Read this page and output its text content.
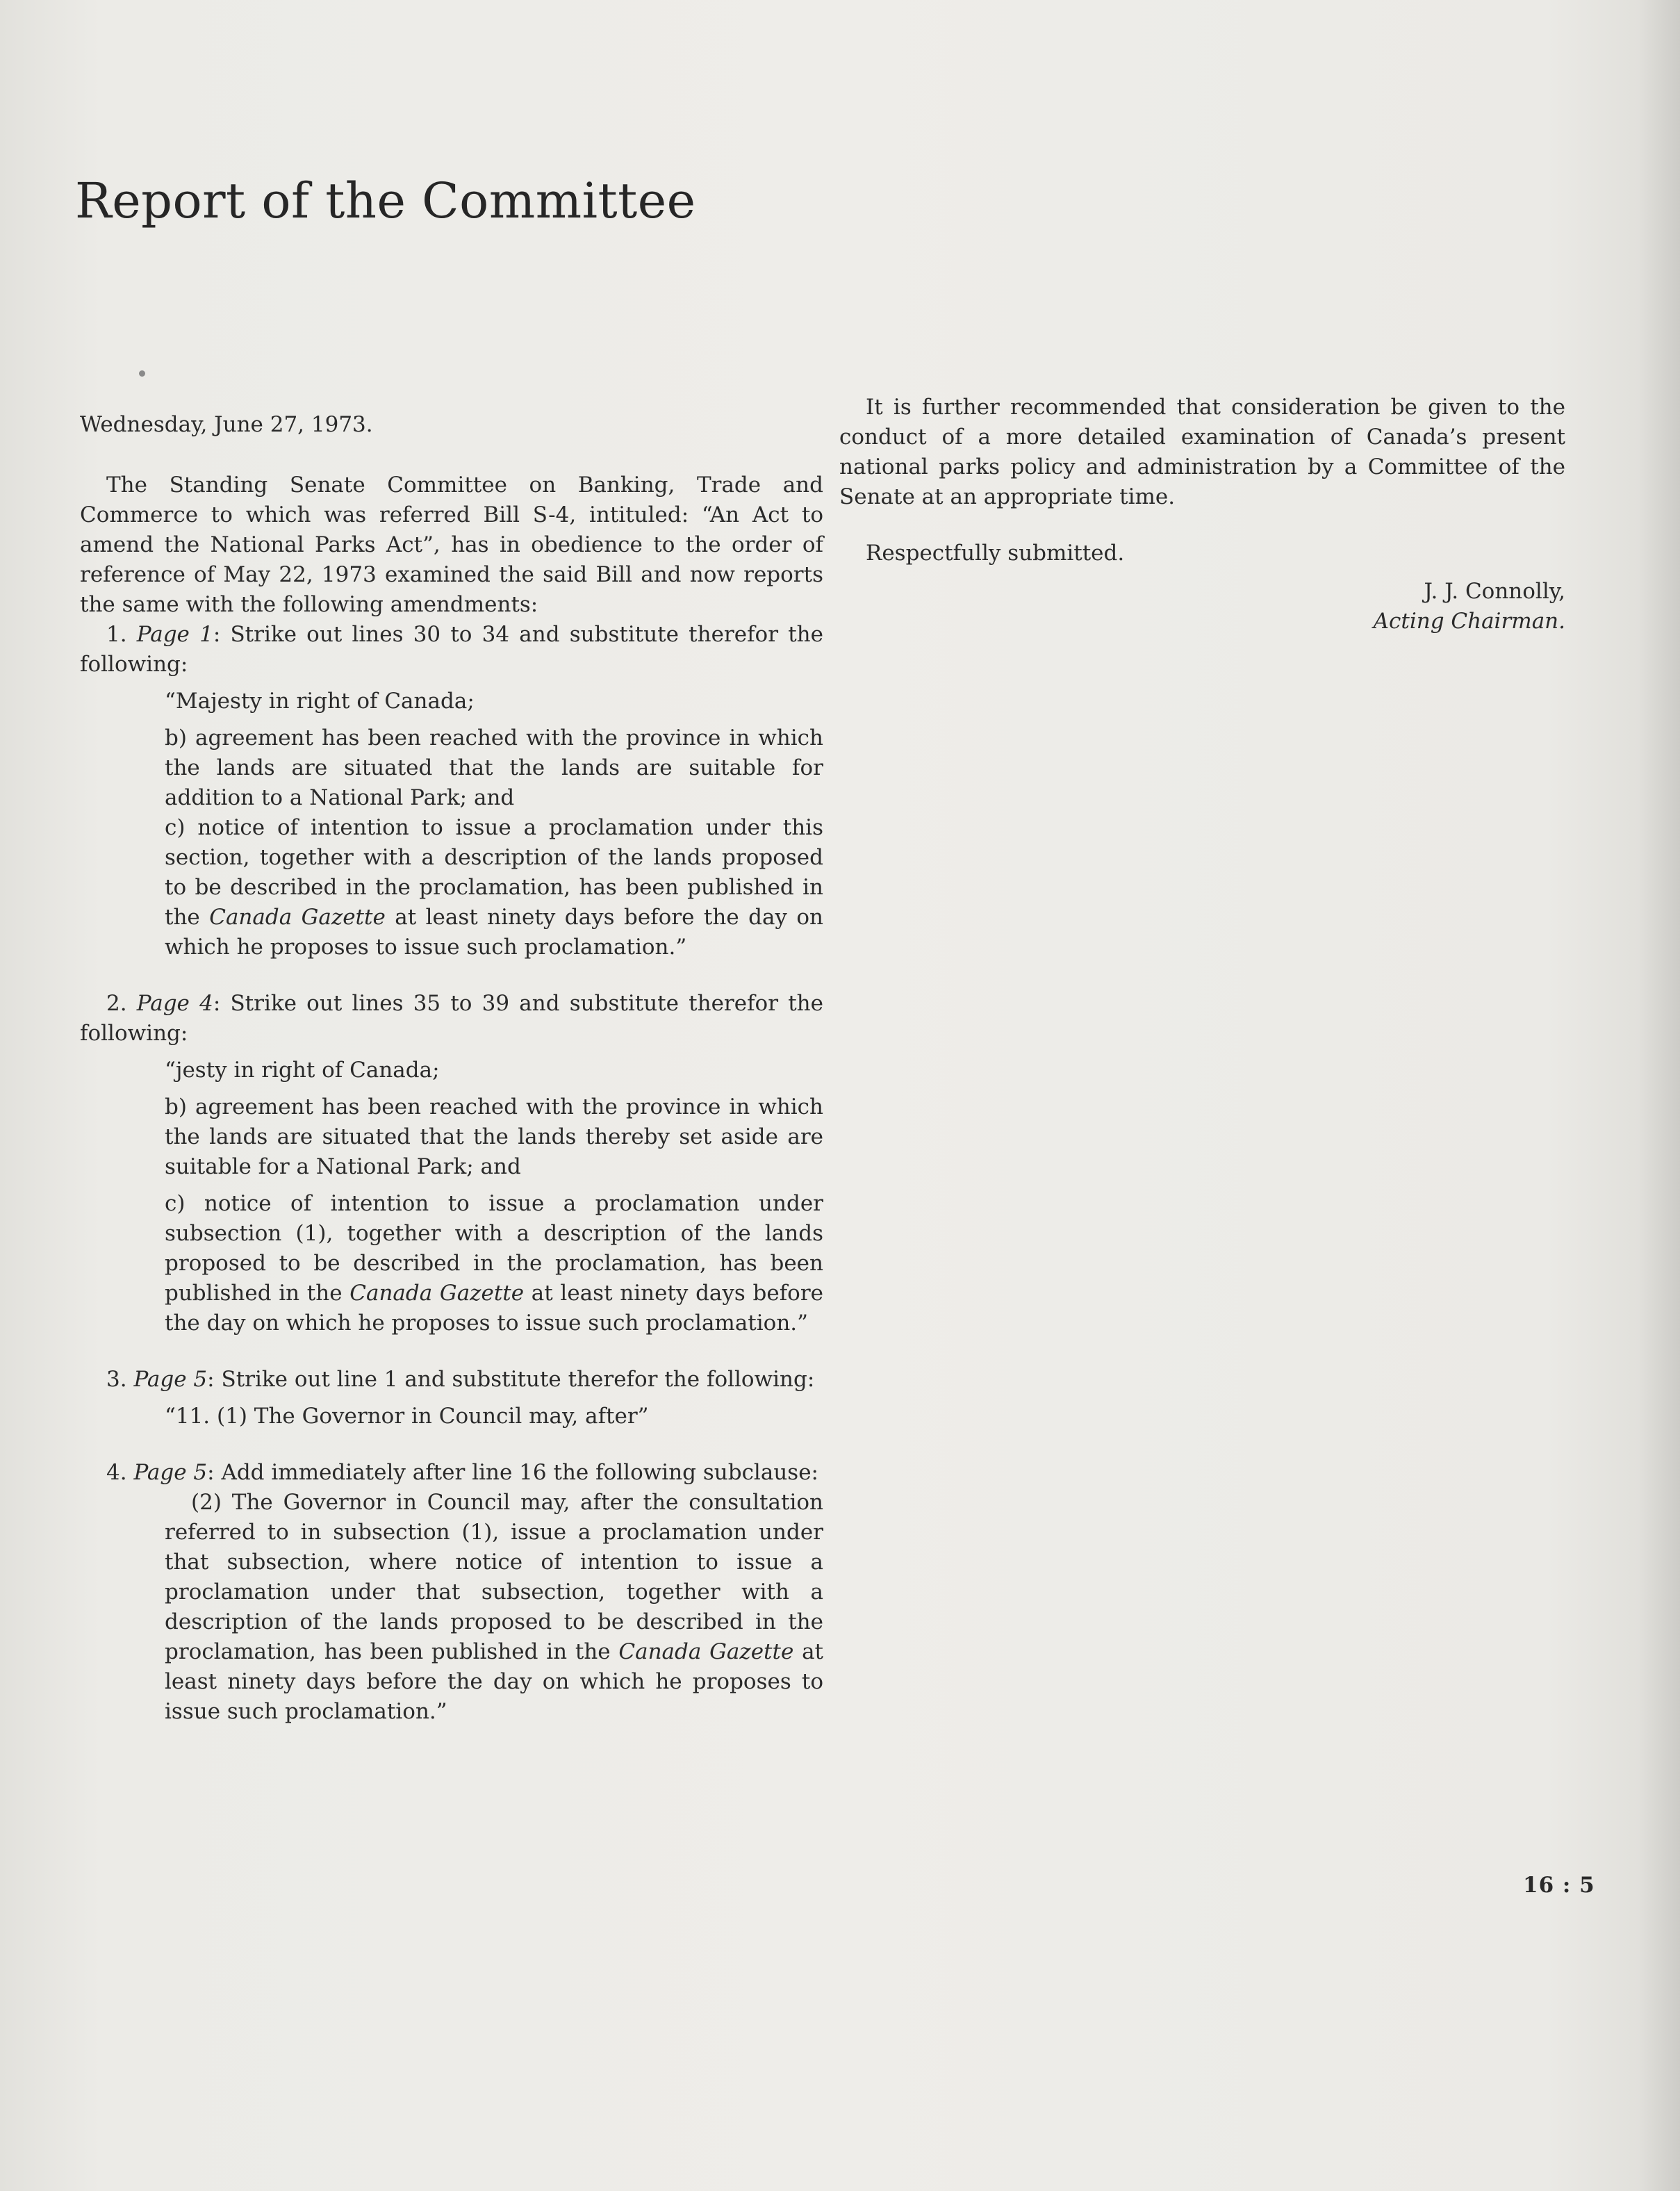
Report of the Committee

Wednesday, June 27, 1973.

The Standing Senate Committee on Banking, Trade and Commerce to which was referred Bill S-4, intituled: “An Act to amend the National Parks Act”, has in obedience to the order of reference of May 22, 1973 examined the said Bill and now reports the same with the following amendments:

1. Page 1: Strike out lines 30 to 34 and substitute therefor the following:

“Majesty in right of Canada;

b) agreement has been reached with the province in which the lands are situated that the lands are suitable for addition to a National Park; and

c) notice of intention to issue a proclamation under this section, together with a description of the lands proposed to be described in the proclamation, has been published in the Canada Gazette at least ninety days before the day on which he proposes to issue such proclamation.”

2. Page 4: Strike out lines 35 to 39 and substitute therefor the following:

“jesty in right of Canada;

b) agreement has been reached with the province in which the lands are situated that the lands thereby set aside are suitable for a National Park; and

c) notice of intention to issue a proclamation under subsection (1), together with a description of the lands proposed to be described in the proclamation, has been published in the Canada Gazette at least ninety days before the day on which he proposes to issue such proclamation.”

3. Page 5: Strike out line 1 and substitute therefor the following:

“11. (1) The Governor in Council may, after”

4. Page 5: Add immediately after line 16 the following subclause:

(2) The Governor in Council may, after the consultation referred to in subsection (1), issue a proclamation under that subsection, where notice of intention to issue a proclamation under that subsection, together with a description of the lands proposed to be described in the proclamation, has been published in the Canada Gazette at least ninety days before the day on which he proposes to issue such proclamation.”

It is further recommended that consideration be given to the conduct of a more detailed examination of Canada’s present national parks policy and administration by a Committee of the Senate at an appropriate time.

Respectfully submitted.

J. J. Connolly,

Acting Chairman.

16 : 5
